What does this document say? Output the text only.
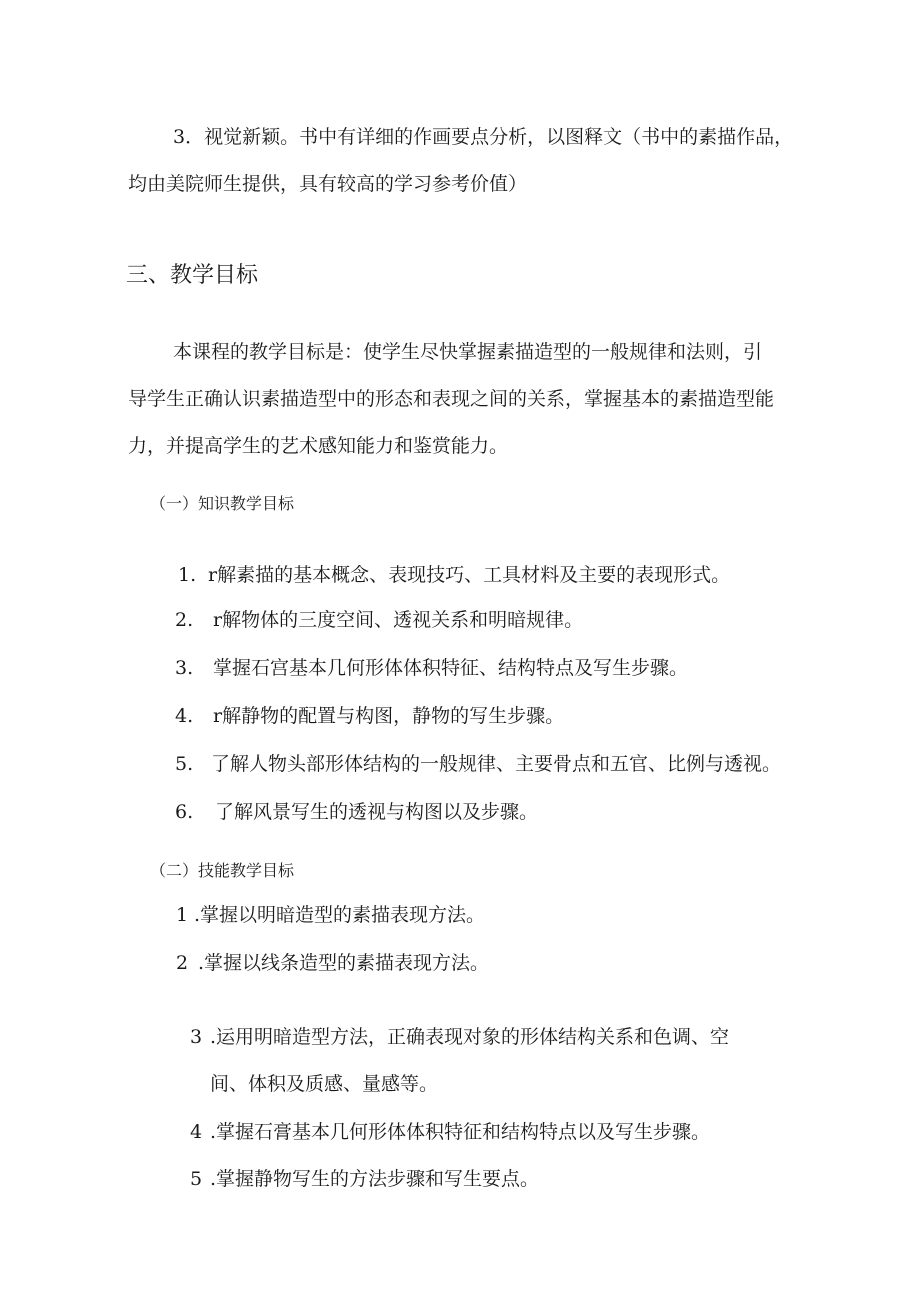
3．视觉新颖。书中有详细的作画要点分析，以图释文（书中的素描作品，
均由美院师生提供，具有较高的学习参考价值）
三、教学目标
本课程的教学目标是：使学生尽快掌握素描造型的一般规律和法则，引
导学生正确认识素描造型中的形态和表现之间的关系，掌握基本的素描造型能
力，并提高学生的艺术感知能力和鉴赏能力。
（一）知识教学目标
1. r解素描的基本概念、表现技巧、工具材料及主要的表现形式。
2. r解物体的三度空间、透视关系和明暗规律。
3. 掌握石宫基本几何形体体积特征、结构特点及写生步骤。
4. r解静物的配置与构图，静物的写生步骤。
5. 了解人物头部形体结构的一般规律、主要骨点和五官、比例与透视。
6. 了解风景写生的透视与构图以及步骤。
（二）技能教学目标
1 .掌握以明暗造型的素描表现方法。
2 .掌握以线条造型的素描表现方法。
3 .运用明暗造型方法，正确表现对象的形体结构关系和色调、空
间、体积及质感、量感等。
4 .掌握石膏基本几何形体体积特征和结构特点以及写生步骤。
5 .掌握静物写生的方法步骤和写生要点。
